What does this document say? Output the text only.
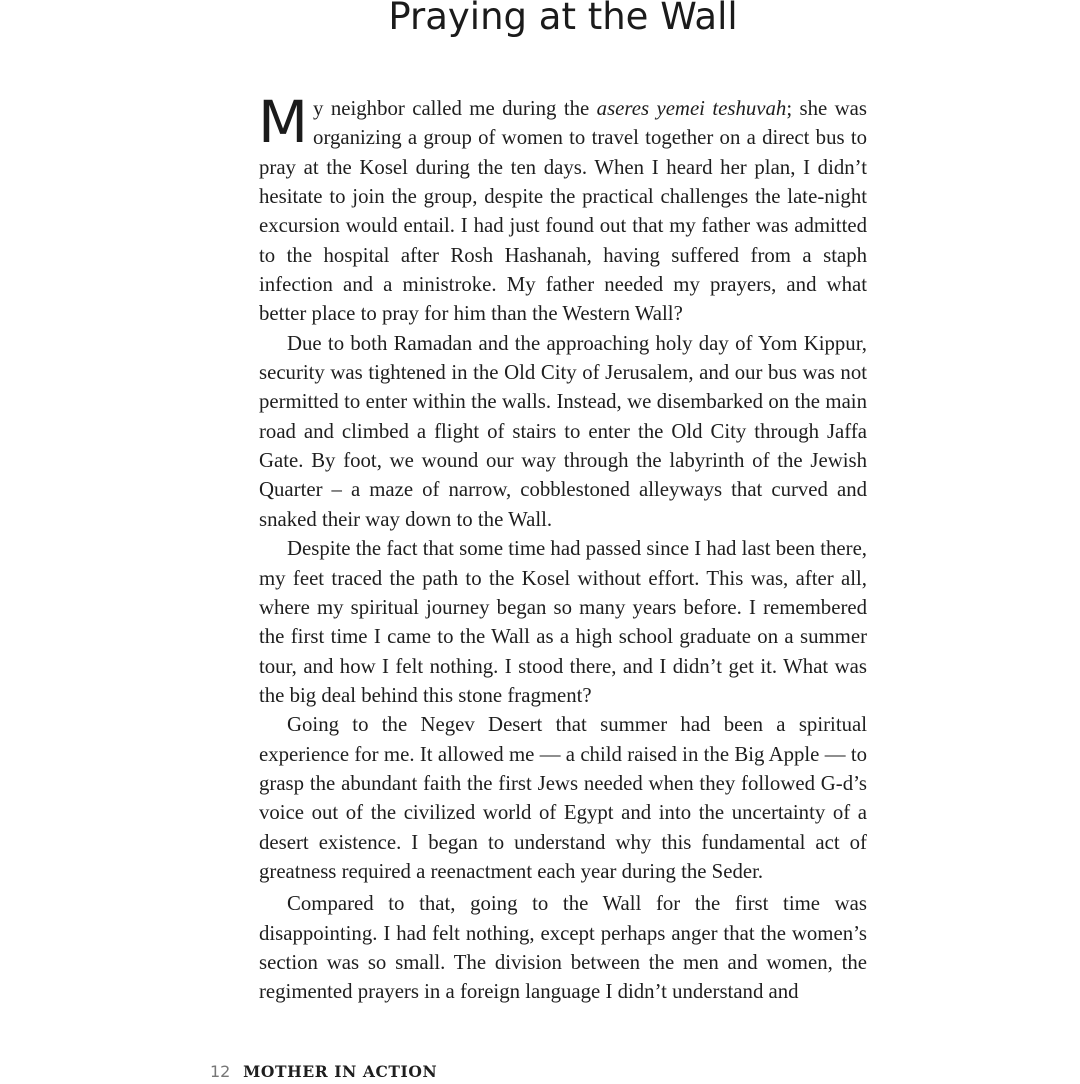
Praying at the Wall

My neighbor called me during the aseres yemei teshuvah; she was organizing a group of women to travel together on a direct bus to pray at the Kosel during the ten days. When I heard her plan, I didn’t hesitate to join the group, despite the practical challenges the late-night excursion would entail. I had just found out that my father was admitted to the hospital after Rosh Hashanah, having suffered from a staph infection and a ministroke. My father needed my prayers, and what better place to pray for him than the Western Wall?

Due to both Ramadan and the approaching holy day of Yom Kippur, security was tightened in the Old City of Jerusalem, and our bus was not permitted to enter within the walls. Instead, we disembarked on the main road and climbed a flight of stairs to enter the Old City through Jaffa Gate. By foot, we wound our way through the labyrinth of the Jewish Quarter – a maze of narrow, cobblestoned alleyways that curved and snaked their way down to the Wall.

Despite the fact that some time had passed since I had last been there, my feet traced the path to the Kosel without effort. This was, after all, where my spiritual journey began so many years before. I remembered the first time I came to the Wall as a high school graduate on a summer tour, and how I felt nothing. I stood there, and I didn’t get it. What was the big deal behind this stone fragment?

Going to the Negev Desert that summer had been a spiritual experience for me. It allowed me — a child raised in the Big Apple — to grasp the abundant faith the first Jews needed when they followed G-d’s voice out of the civilized world of Egypt and into the uncertainty of a desert existence. I began to understand why this fundamental act of greatness required a reenactment each year during the Seder.

Compared to that, going to the Wall for the first time was disappointing. I had felt nothing, except perhaps anger that the women’s section was so small. The division between the men and women, the regimented prayers in a foreign language I didn’t understand and

12 MOTHER IN ACTION
